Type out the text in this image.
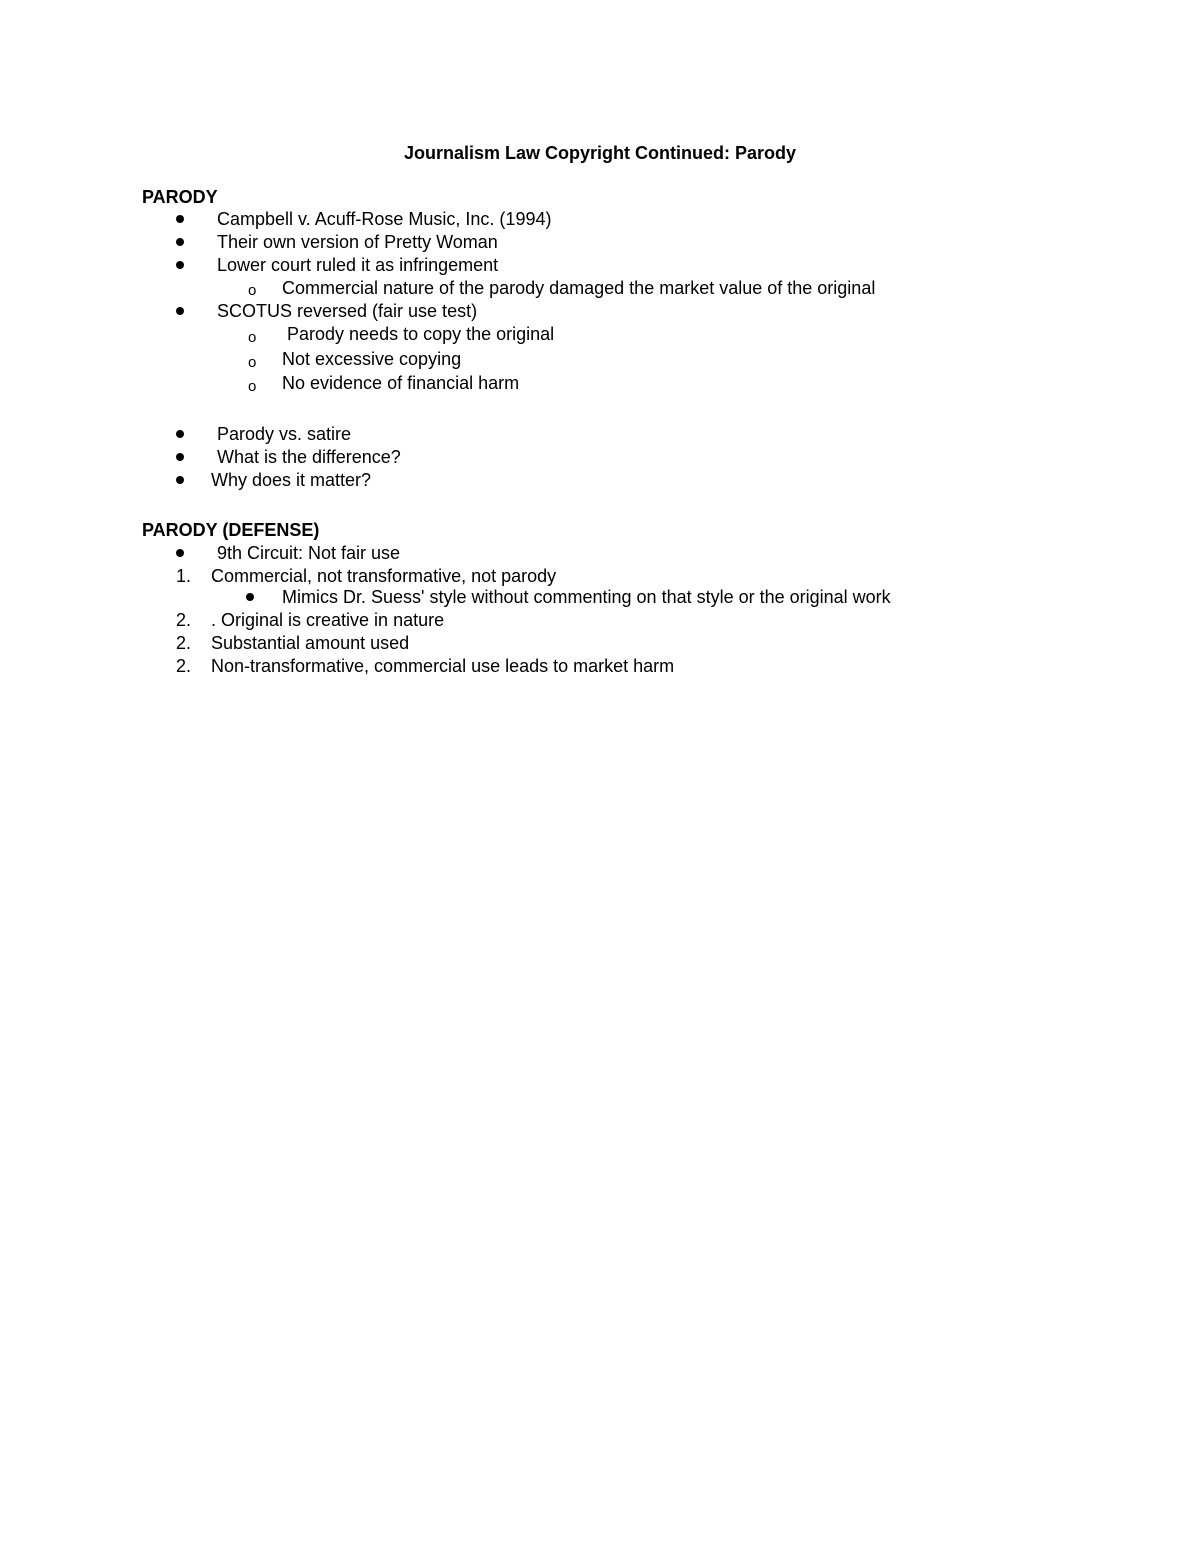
Journalism Law Copyright Continued: Parody
PARODY
Campbell v. Acuff-Rose Music, Inc. (1994)
Their own version of Pretty Woman
Lower court ruled it as infringement
o Commercial nature of the parody damaged the market value of the original
SCOTUS reversed (fair use test)
o Parody needs to copy the original
o Not excessive copying
o No evidence of financial harm
Parody vs. satire
What is the difference?
Why does it matter?
PARODY (DEFENSE)
9th Circuit: Not fair use
1. Commercial, not transformative, not parody
Mimics Dr. Suess' style without commenting on that style or the original work
2. . Original is creative in nature
2. Substantial amount used
2. Non-transformative, commercial use leads to market harm
